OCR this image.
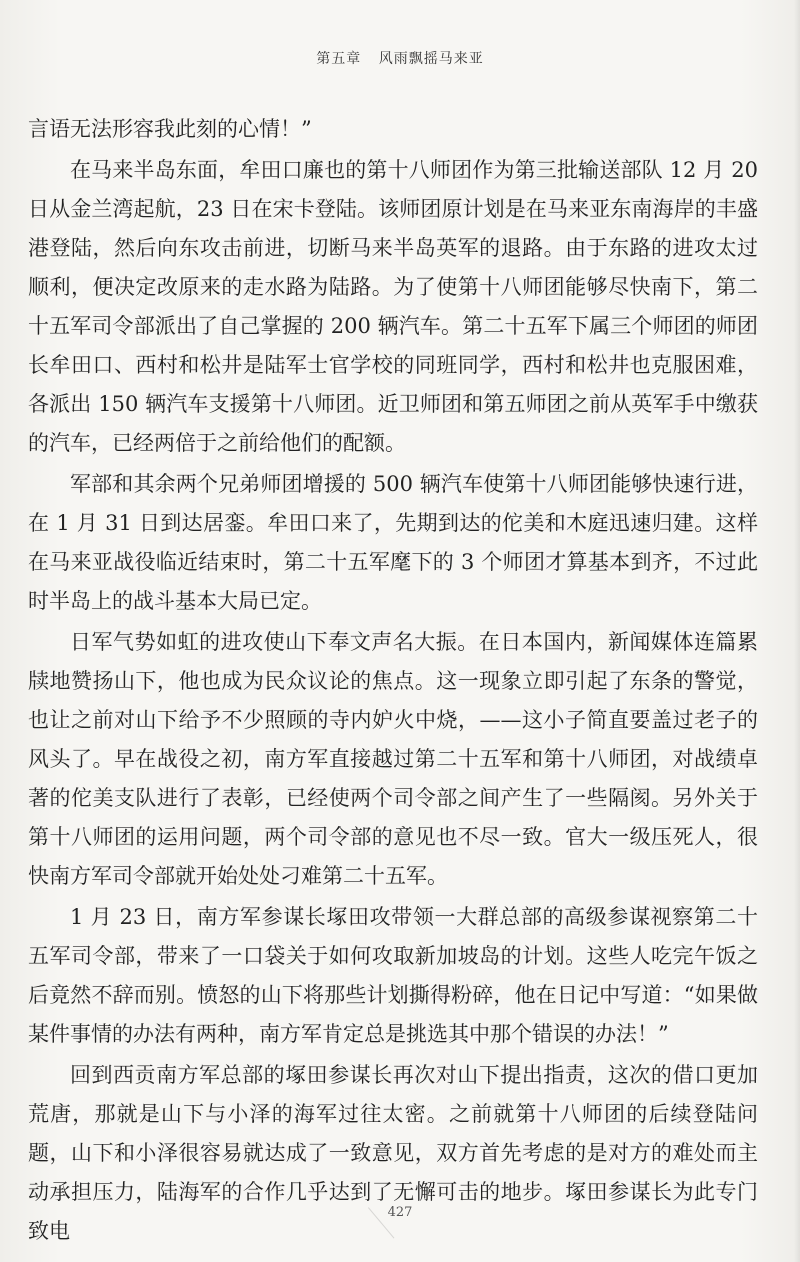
第五章 风雨飘摇马来亚

言语无法形容我此刻的心情！”

在马来半岛东面，牟田口廉也的第十八师团作为第三批输送部队 12 月 20 日从金兰湾起航，23 日在宋卡登陆。该师团原计划是在马来亚东南海岸的丰盛港登陆，然后向东攻击前进，切断马来半岛英军的退路。由于东路的进攻太过顺利，便决定改原来的走水路为陆路。为了使第十八师团能够尽快南下，第二十五军司令部派出了自己掌握的 200 辆汽车。第二十五军下属三个师团的师团长牟田口、西村和松井是陆军士官学校的同班同学，西村和松井也克服困难，各派出 150 辆汽车支援第十八师团。近卫师团和第五师团之前从英军手中缴获的汽车，已经两倍于之前给他们的配额。

军部和其余两个兄弟师团增援的 500 辆汽车使第十八师团能够快速行进，在 1 月 31 日到达居銮。牟田口来了，先期到达的佗美和木庭迅速归建。这样在马来亚战役临近结束时，第二十五军麾下的 3 个师团才算基本到齐，不过此时半岛上的战斗基本大局已定。

日军气势如虹的进攻使山下奉文声名大振。在日本国内，新闻媒体连篇累牍地赞扬山下，他也成为民众议论的焦点。这一现象立即引起了东条的警觉，也让之前对山下给予不少照顾的寺内妒火中烧，——这小子简直要盖过老子的风头了。早在战役之初，南方军直接越过第二十五军和第十八师团，对战绩卓著的佗美支队进行了表彰，已经使两个司令部之间产生了一些隔阂。另外关于第十八师团的运用问题，两个司令部的意见也不尽一致。官大一级压死人，很快南方军司令部就开始处处刁难第二十五军。

1 月 23 日，南方军参谋长塚田攻带领一大群总部的高级参谋视察第二十五军司令部，带来了一口袋关于如何攻取新加坡岛的计划。这些人吃完午饭之后竟然不辞而别。愤怒的山下将那些计划撕得粉碎，他在日记中写道：“如果做某件事情的办法有两种，南方军肯定总是挑选其中那个错误的办法！”

回到西贡南方军总部的塚田参谋长再次对山下提出指责，这次的借口更加荒唐，那就是山下与小泽的海军过往太密。之前就第十八师团的后续登陆问题，山下和小泽很容易就达成了一致意见，双方首先考虑的是对方的难处而主动承担压力，陆海军的合作几乎达到了无懈可击的地步。塚田参谋长为此专门致电

427
